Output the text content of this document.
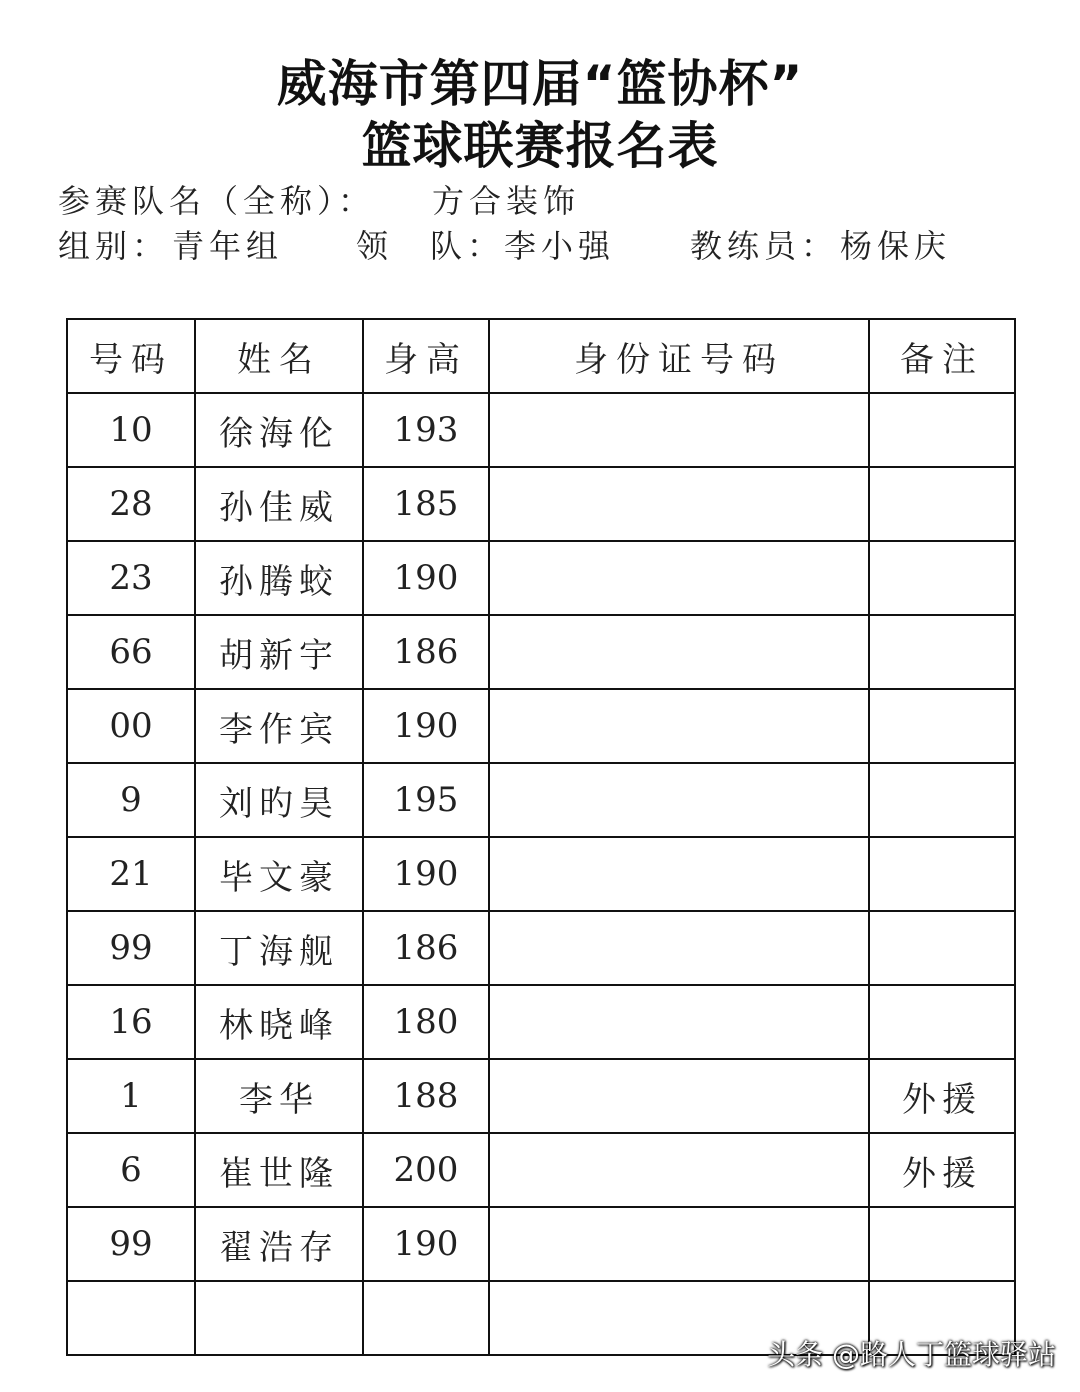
威海市第四届“篮协杯”
篮球联赛报名表
参赛队名（全称）： 方合装饰
组别： 青年组 领　队： 李小强 教练员： 杨保庆
号码	姓名	身高	身份证号码	备注
10	徐海伦	193		
28	孙佳威	185		
23	孙腾蛟	190		
66	胡新宇	186		
00	李作宾	190		
9	刘旳昊	195		
21	毕文豪	190		
99	丁海舰	186		
16	林晓峰	180		
1	李华	188		外援
6	崔世隆	200		外援
99	翟浩存	190		

头条 @路人丁篮球驿站
